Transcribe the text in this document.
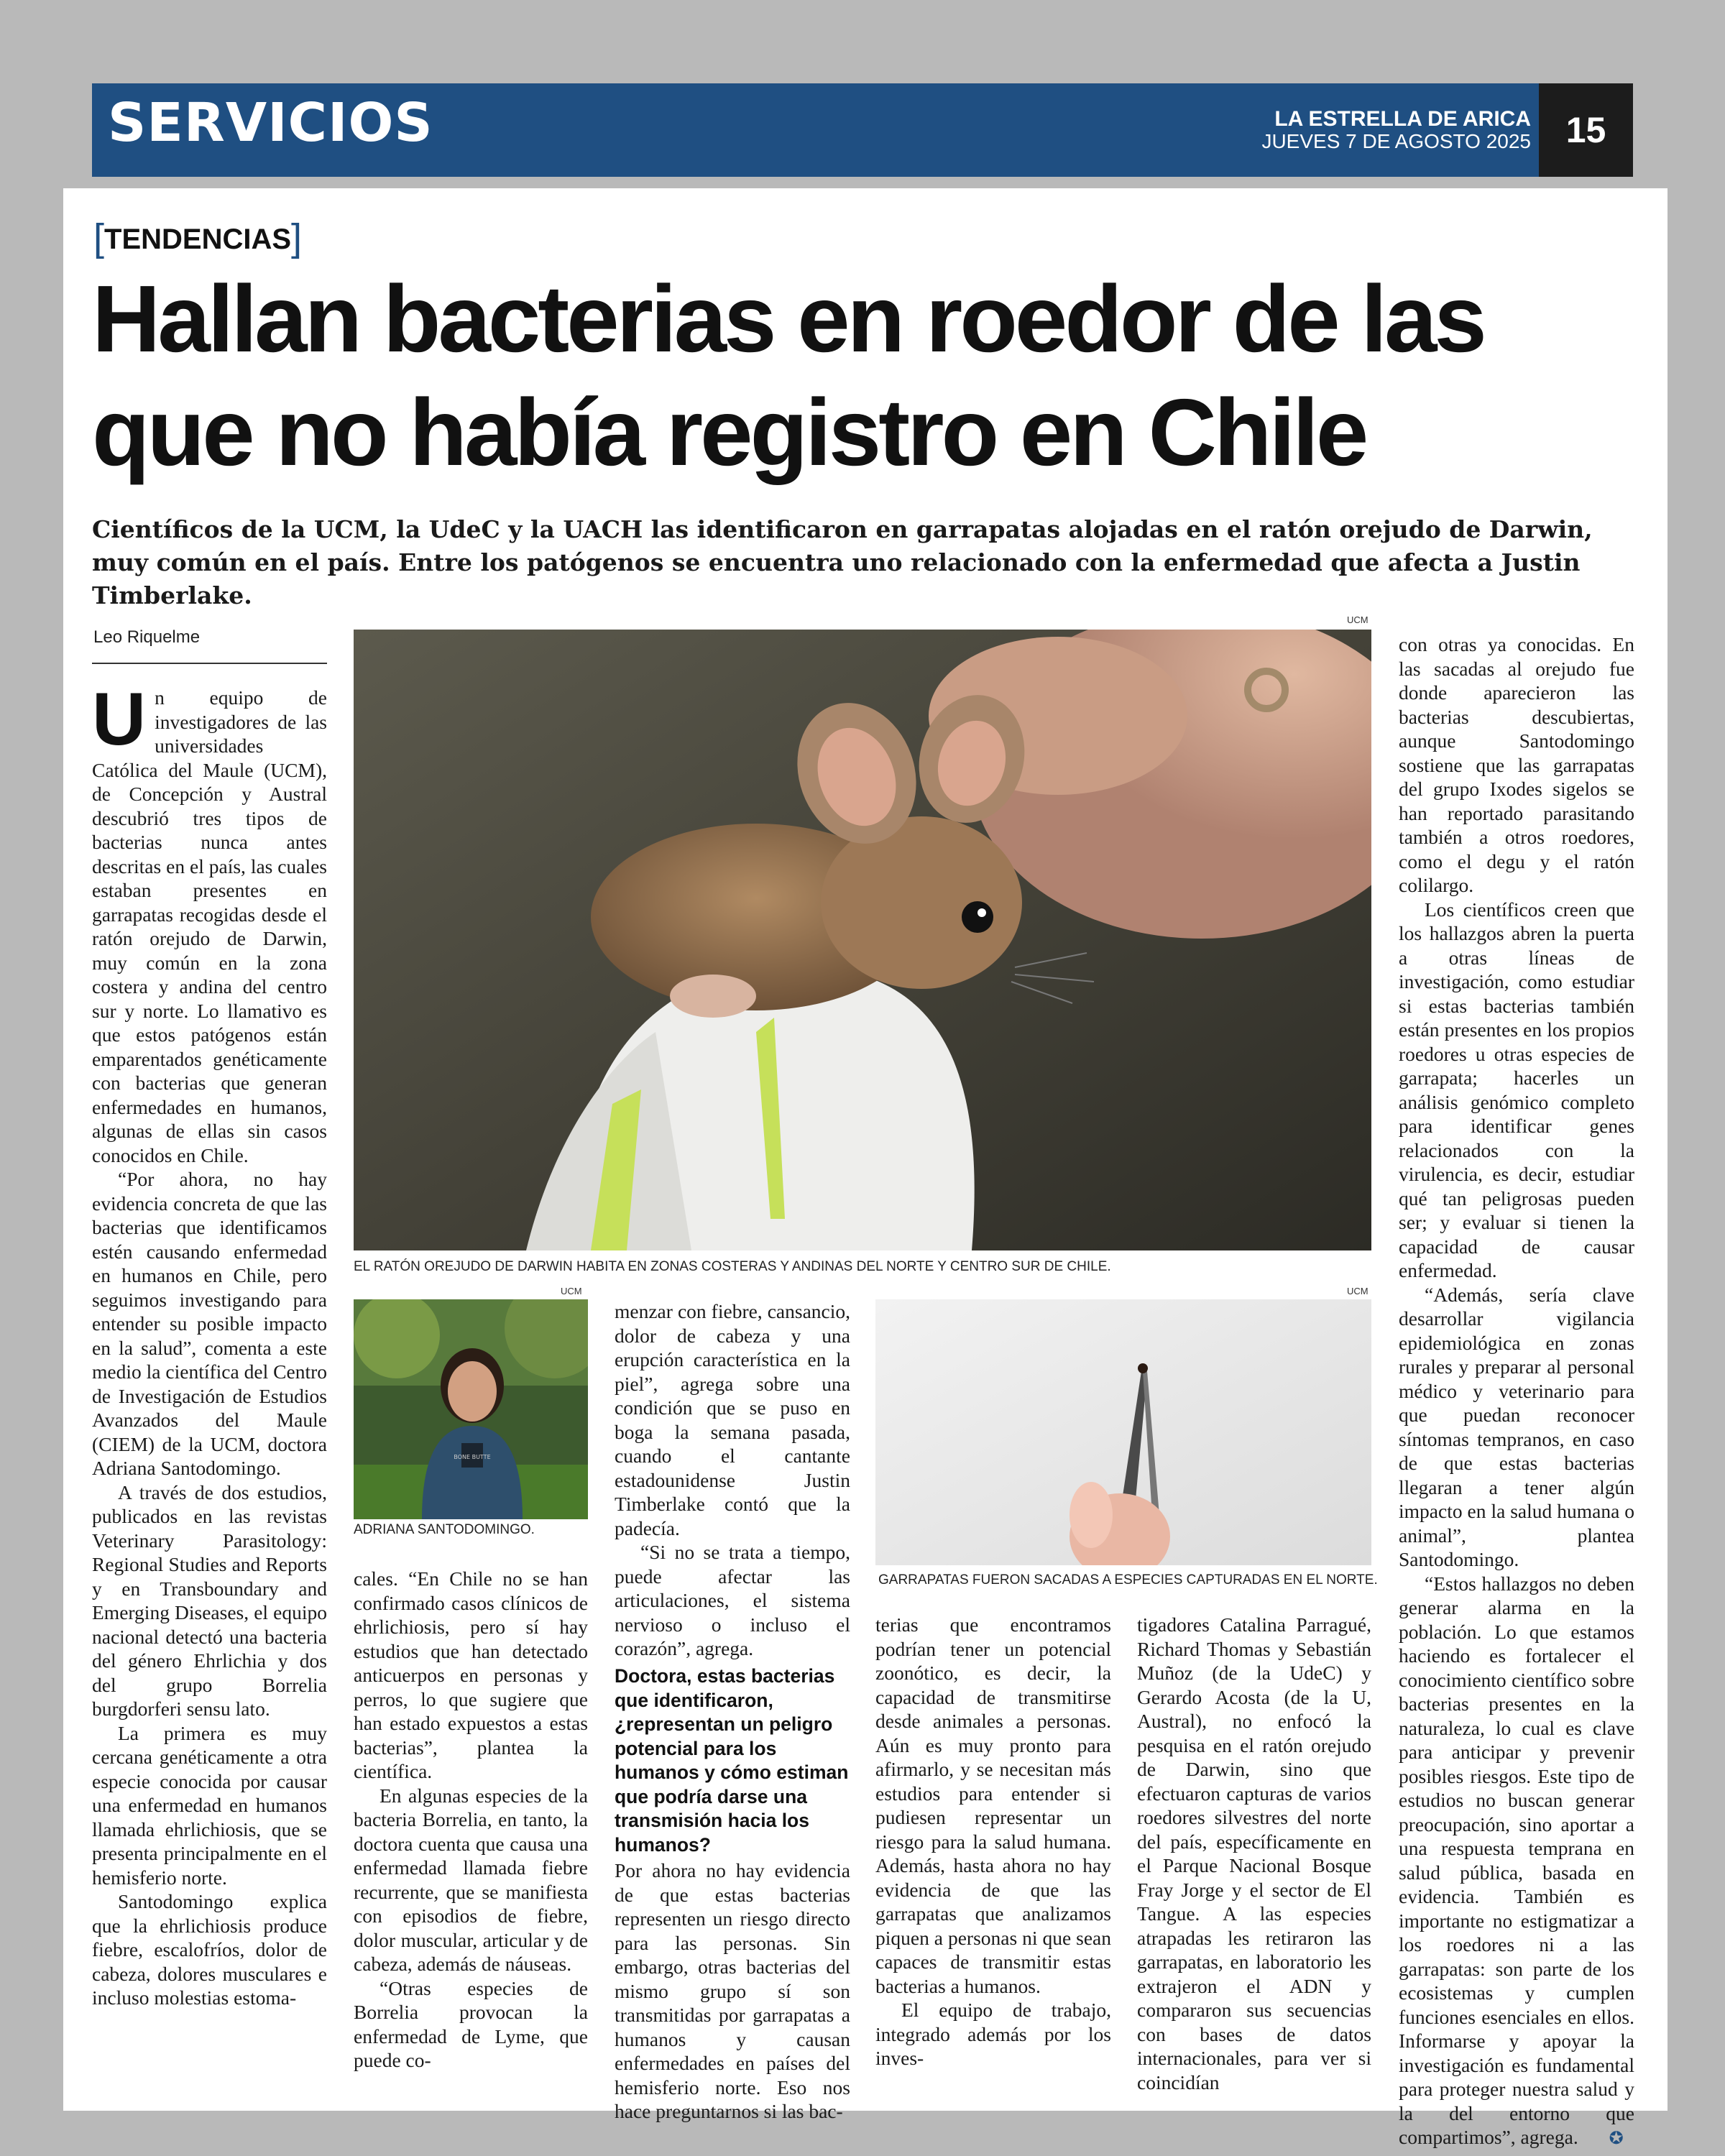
SERVICIOS	LA ESTRELLA DE ARICA
JUEVES 7 DE AGOSTO 2025 15
[TENDENCIAS]
Hallan bacterias en roedor de las
que no había registro en Chile
Científicos de la UCM, la UdeC y la UACH las identificaron en garrapatas alojadas en el ratón orejudo de Darwin, muy común en el país. Entre los patógenos se encuentra uno relacionado con la enfermedad que afecta a Justin Timberlake.
Leo Riquelme
UCM
EL RATÓN OREJUDO DE DARWIN HABITA EN ZONAS COSTERAS Y ANDINAS DEL NORTE Y CENTRO SUR DE CHILE.
UCM
BONE BUTTE
ADRIANA SANTODOMINGO.
UCM
GARRAPATAS FUERON SACADAS A ESPECIES CAPTURADAS EN EL NORTE.

Un equipo de investigadores de las universidades Católica del Maule (UCM), de Concepción y Austral descubrió tres tipos de bacterias nunca antes descritas en el país, las cuales estaban presentes en garrapatas recogidas desde el ratón orejudo de Darwin, muy común en la zona costera y andina del centro sur y norte. Lo llamativo es que estos patógenos están emparentados genéticamente con bacterias que generan enfermedades en humanos, algunas de ellas sin casos conocidos en Chile.

“Por ahora, no hay evidencia concreta de que las bacterias que identificamos estén causando enfermedad en humanos en Chile, pero seguimos investigando para entender su posible impacto en la salud”, comenta a este medio la científica del Centro de Investigación de Estudios Avanzados del Maule (CIEM) de la UCM, doctora Adriana Santodomingo.

A través de dos estudios, publicados en las revistas Veterinary Parasitology: Regional Studies and Reports y en Transboundary and Emerging Diseases, el equipo nacional detectó una bacteria del género Ehrlichia y dos del grupo Borrelia burgdorferi sensu lato.

La primera es muy cercana genéticamente a otra especie conocida por causar una enfermedad en humanos llamada ehrlichiosis, que se presenta principalmente en el hemisferio norte.

Santodomingo explica que la ehrlichiosis produce fiebre, escalofríos, dolor de cabeza, dolores musculares e incluso molestias estoma-

cales. “En Chile no se han confirmado casos clínicos de ehrlichiosis, pero sí hay estudios que han detectado anticuerpos en personas y perros, lo que sugiere que han estado expuestos a estas bacterias”, plantea la científica.

En algunas especies de la bacteria Borrelia, en tanto, la doctora cuenta que causa una enfermedad llamada fiebre recurrente, que se manifiesta con episodios de fiebre, dolor muscular, articular y de cabeza, además de náuseas.

“Otras especies de Borrelia provocan la enfermedad de Lyme, que puede co-

menzar con fiebre, cansancio, dolor de cabeza y una erupción característica en la piel”, agrega sobre una condición que se puso en boga la semana pasada, cuando el cantante estadounidense Justin Timberlake contó que la padecía.

“Si no se trata a tiempo, puede afectar las articulaciones, el sistema nervioso o incluso el corazón”, agrega.

Doctora, estas bacterias que identificaron, ¿representan un peligro potencial para los humanos y cómo estiman que podría darse una transmisión hacia los humanos?

Por ahora no hay evidencia de que estas bacterias representen un riesgo directo para las personas. Sin embargo, otras bacterias del mismo grupo sí son transmitidas por garrapatas a humanos y causan enfermedades en países del hemisferio norte. Eso nos hace preguntarnos si las bac-

terias que encontramos podrían tener un potencial zoonótico, es decir, la capacidad de transmitirse desde animales a personas. Aún es muy pronto para afirmarlo, y se necesitan más estudios para entender si pudiesen representar un riesgo para la salud humana. Además, hasta ahora no hay evidencia de que las garrapatas que analizamos piquen a personas ni que sean capaces de transmitir estas bacterias a humanos.

El equipo de trabajo, integrado además por los inves-

tigadores Catalina Parragué, Richard Thomas y Sebastián Muñoz (de la UdeC) y Gerardo Acosta (de la U, Austral), no enfocó la pesquisa en el ratón orejudo de Darwin, sino que efectuaron capturas de varios roedores silvestres del norte del país, específicamente en el Parque Nacional Bosque Fray Jorge y el sector de El Tangue. A las especies atrapadas les retiraron las garrapatas, en laboratorio les extrajeron el ADN y compararon sus secuencias con bases de datos internacionales, para ver si coincidían

con otras ya conocidas. En las sacadas al orejudo fue donde aparecieron las bacterias descubiertas, aunque Santodomingo sostiene que las garrapatas del grupo Ixodes sigelos se han reportado parasitando también a otros roedores, como el degu y el ratón colilargo.

Los científicos creen que los hallazgos abren la puerta a otras líneas de investigación, como estudiar si estas bacterias también están presentes en los propios roedores u otras especies de garrapata; hacerles un análisis genómico completo para identificar genes relacionados con la virulencia, es decir, estudiar qué tan peligrosas pueden ser; y evaluar si tienen la capacidad de causar enfermedad.

“Además, sería clave desarrollar vigilancia epidemiológica en zonas rurales y preparar al personal médico y veterinario para que puedan reconocer síntomas tempranos, en caso de que estas bacterias llegaran a tener algún impacto en la salud humana o animal”, plantea Santodomingo.

“Estos hallazgos no deben generar alarma en la población. Lo que estamos haciendo es fortalecer el conocimiento científico sobre bacterias presentes en la naturaleza, lo cual es clave para anticipar y prevenir posibles riesgos. Este tipo de estudios no buscan generar preocupación, sino aportar a una respuesta temprana en salud pública, basada en evidencia. También es importante no estigmatizar a los roedores ni a las garrapatas: son parte de los ecosistemas y cumplen funciones esenciales en ellos. Informarse y apoyar la investigación es fundamental para proteger nuestra salud y la del entorno que compartimos”, agrega. ✪
